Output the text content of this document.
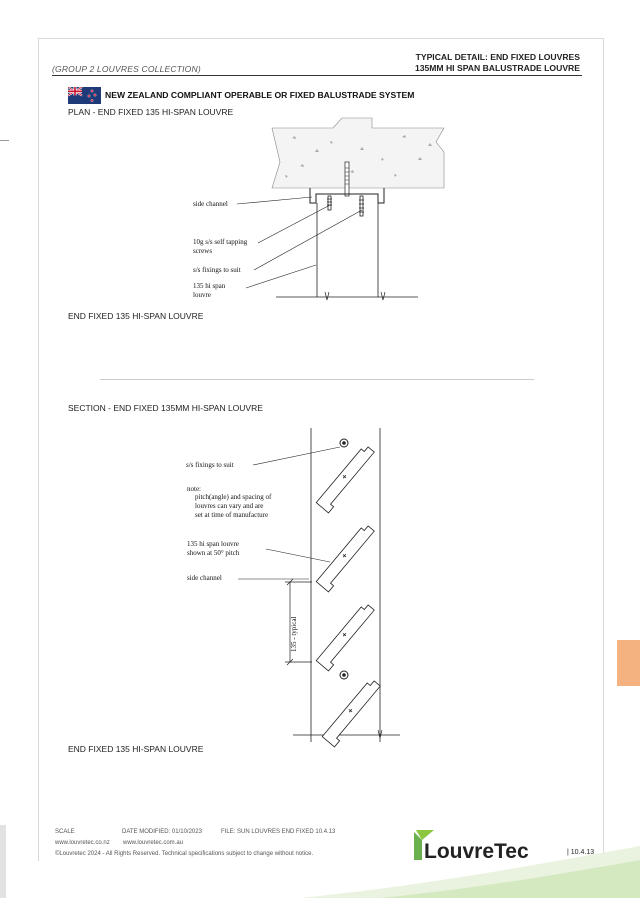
(GROUP 2 LOUVRES COLLECTION)
TYPICAL DETAIL: END FIXED LOUVRES
135MM HI SPAN BALUSTRADE LOUVRE
NEW ZEALAND COMPLIANT OPERABLE OR FIXED BALUSTRADE SYSTEM
PLAN - END FIXED 135 HI-SPAN LOUVRE
side channel
10g s/s self tapping
screws
s/s fixings to suit
135 hi span
louvre
END FIXED 135 HI-SPAN LOUVRE
SECTION - END FIXED 135MM HI-SPAN LOUVRE
135 - typical
s/s fixings to suit
note:
pitch(angle) and spacing of
louvres can vary and are
set at time of manufacture
135 hi span louvre
shown at 50° pitch
side channel
END FIXED 135 HI-SPAN LOUVRE
SCALE	DATE MODIFIED: 01/10/2023	FILE: SUN LOUVRES END FIXED 10.4.13
www.louvretec.co.nz www.louvretec.com.au
©Louvretec 2024 - All Rights Reserved. Technical specifications subject to change without notice.	LouvreTec	| 10.4.13
